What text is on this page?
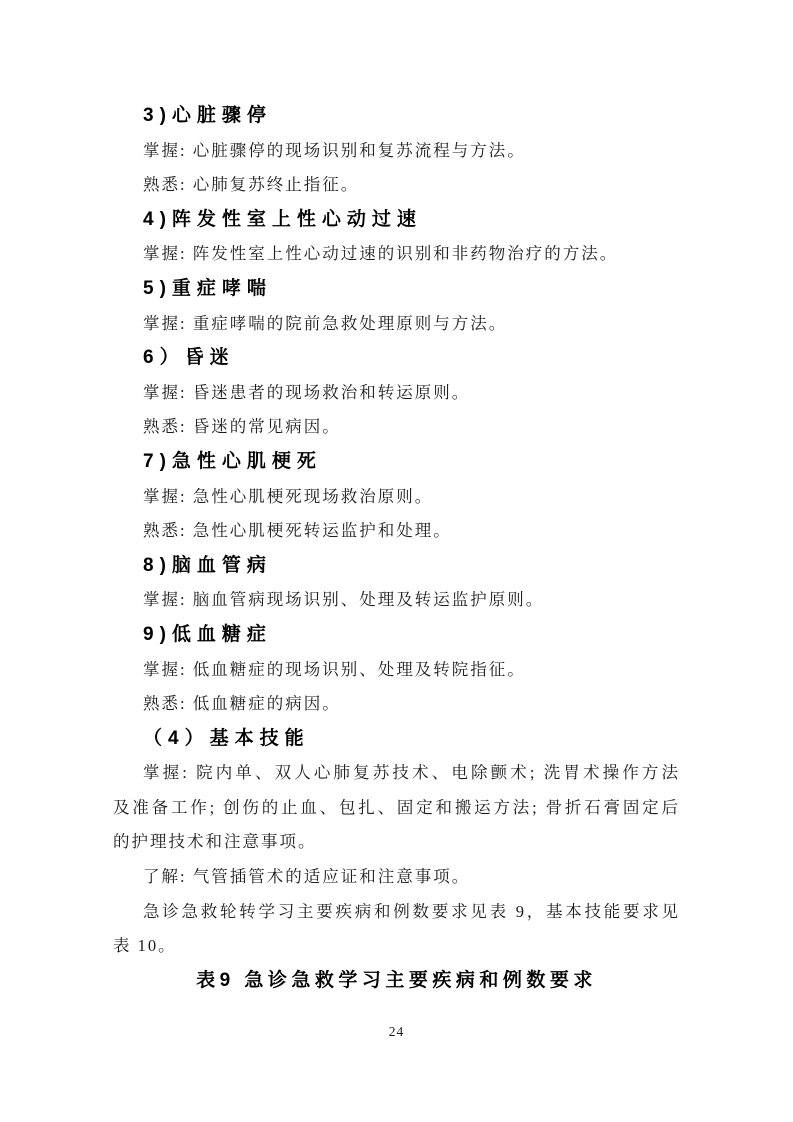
3)心脏骤停
掌握: 心脏骤停的现场识别和复苏流程与方法。
熟悉: 心肺复苏终止指征。
4)阵发性室上性心动过速
掌握: 阵发性室上性心动过速的识别和非药物治疗的方法。
5)重症哮喘
掌握: 重症哮喘的院前急救处理原则与方法。
6）昏迷
掌握: 昏迷患者的现场救治和转运原则。
熟悉: 昏迷的常见病因。
7)急性心肌梗死
掌握: 急性心肌梗死现场救治原则。
熟悉: 急性心肌梗死转运监护和处理。
8)脑血管病
掌握: 脑血管病现场识别、处理及转运监护原则。
9)低血糖症
掌握: 低血糖症的现场识别、处理及转院指征。
熟悉: 低血糖症的病因。
（4）基本技能
掌握: 院内单、双人心肺复苏技术、电除颤术; 洗胃术操作方法
及准备工作; 创伤的止血、包扎、固定和搬运方法; 骨折石膏固定后
的护理技术和注意事项。
了解: 气管插管术的适应证和注意事项。
急诊急救轮转学习主要疾病和例数要求见表 9，基本技能要求见
表 10。
表9 急诊急救学习主要疾病和例数要求
24
